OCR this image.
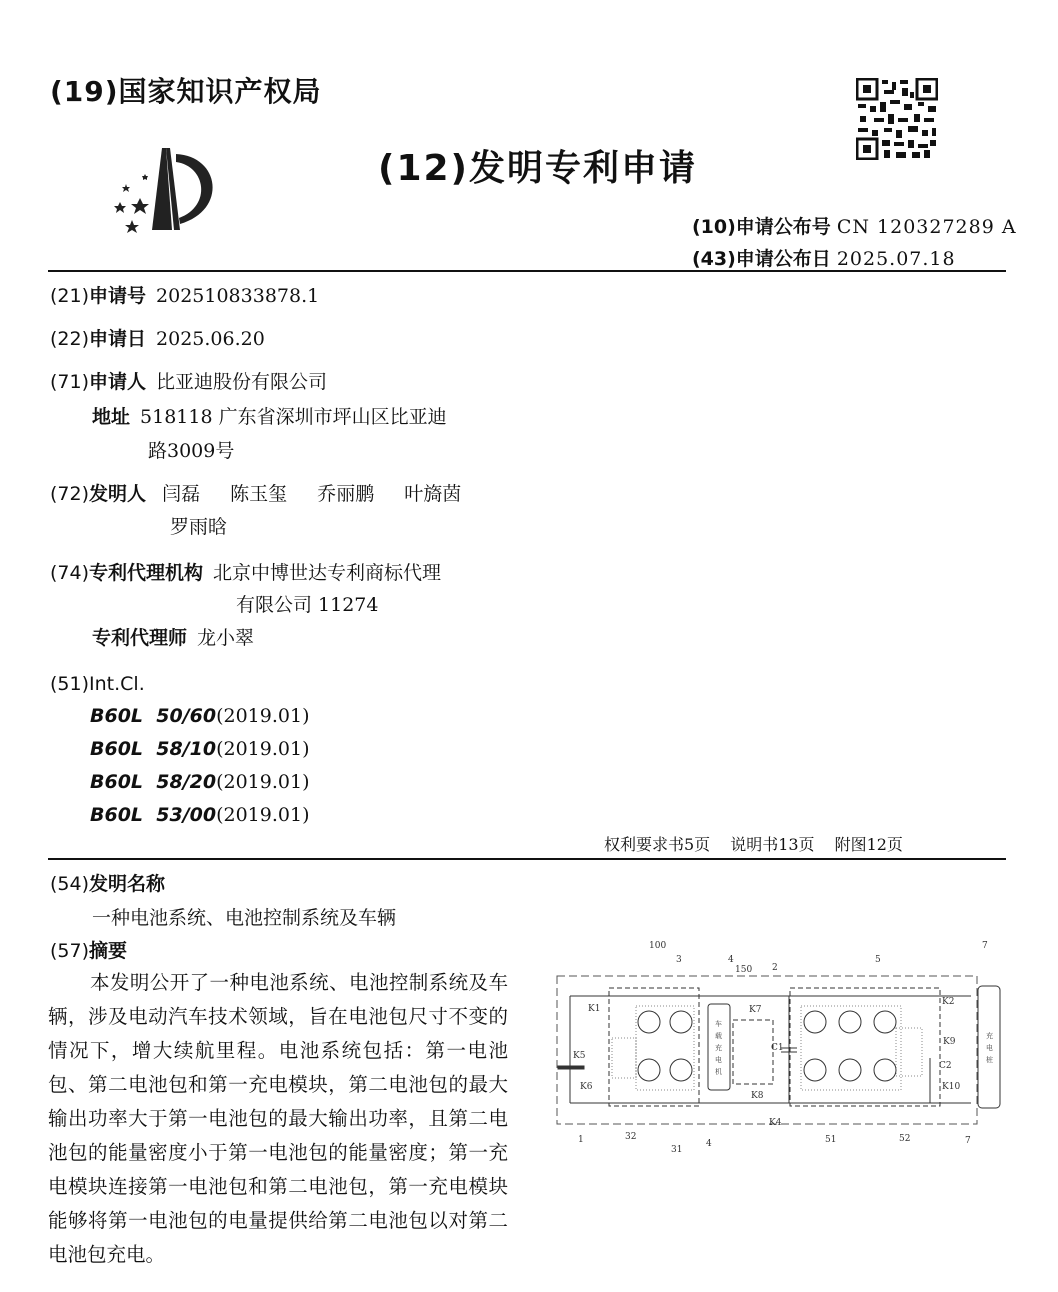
(19)国家知识产权局
(12)发明专利申请
(10)申请公布号 CN 120327289 A
(43)申请公布日 2025.07.18
(21)申请号 202510833878.1
(22)申请日 2025.06.20
(71)申请人 比亚迪股份有限公司
地址 518118 广东省深圳市坪山区比亚迪
路3009号
(72)发明人 闫磊 陈玉玺 乔丽鹏 叶旖茵
罗雨晗
(74)专利代理机构 北京中博世达专利商标代理
有限公司 11274
专利代理师 龙小翠
(51)Int.Cl.
B60L  50/60(2019.01)
B60L  58/10(2019.01)
B60L  58/20(2019.01)
B60L  53/00(2019.01)
权利要求书5页 说明书13页 附图12页
(54)发明名称
一种电池系统、电池控制系统及车辆
(57)摘要
本发明公开了一种电池系统、电池控制系统及车辆，涉及电动汽车技术领域，旨在电池包尺寸不变的情况下，增大续航里程。电池系统包括：第一电池包、第二电池包和第一充电模块，第二电池包的最大输出功率大于第一电池包的最大输出功率，且第二电池包的能量密度小于第一电池包的能量密度；第一充电模块连接第一电池包和第二电池包，第一充电模块能够将第一电池包的电量提供给第二电池包以对第二电池包充电。
K1
K2
K4
K5
K6
K7
K8
K9
K10
C1
C2
100
3	4
150 2
5
7
1	32
31
4	51	52	7
车
载
充
电
机
充
电
桩
